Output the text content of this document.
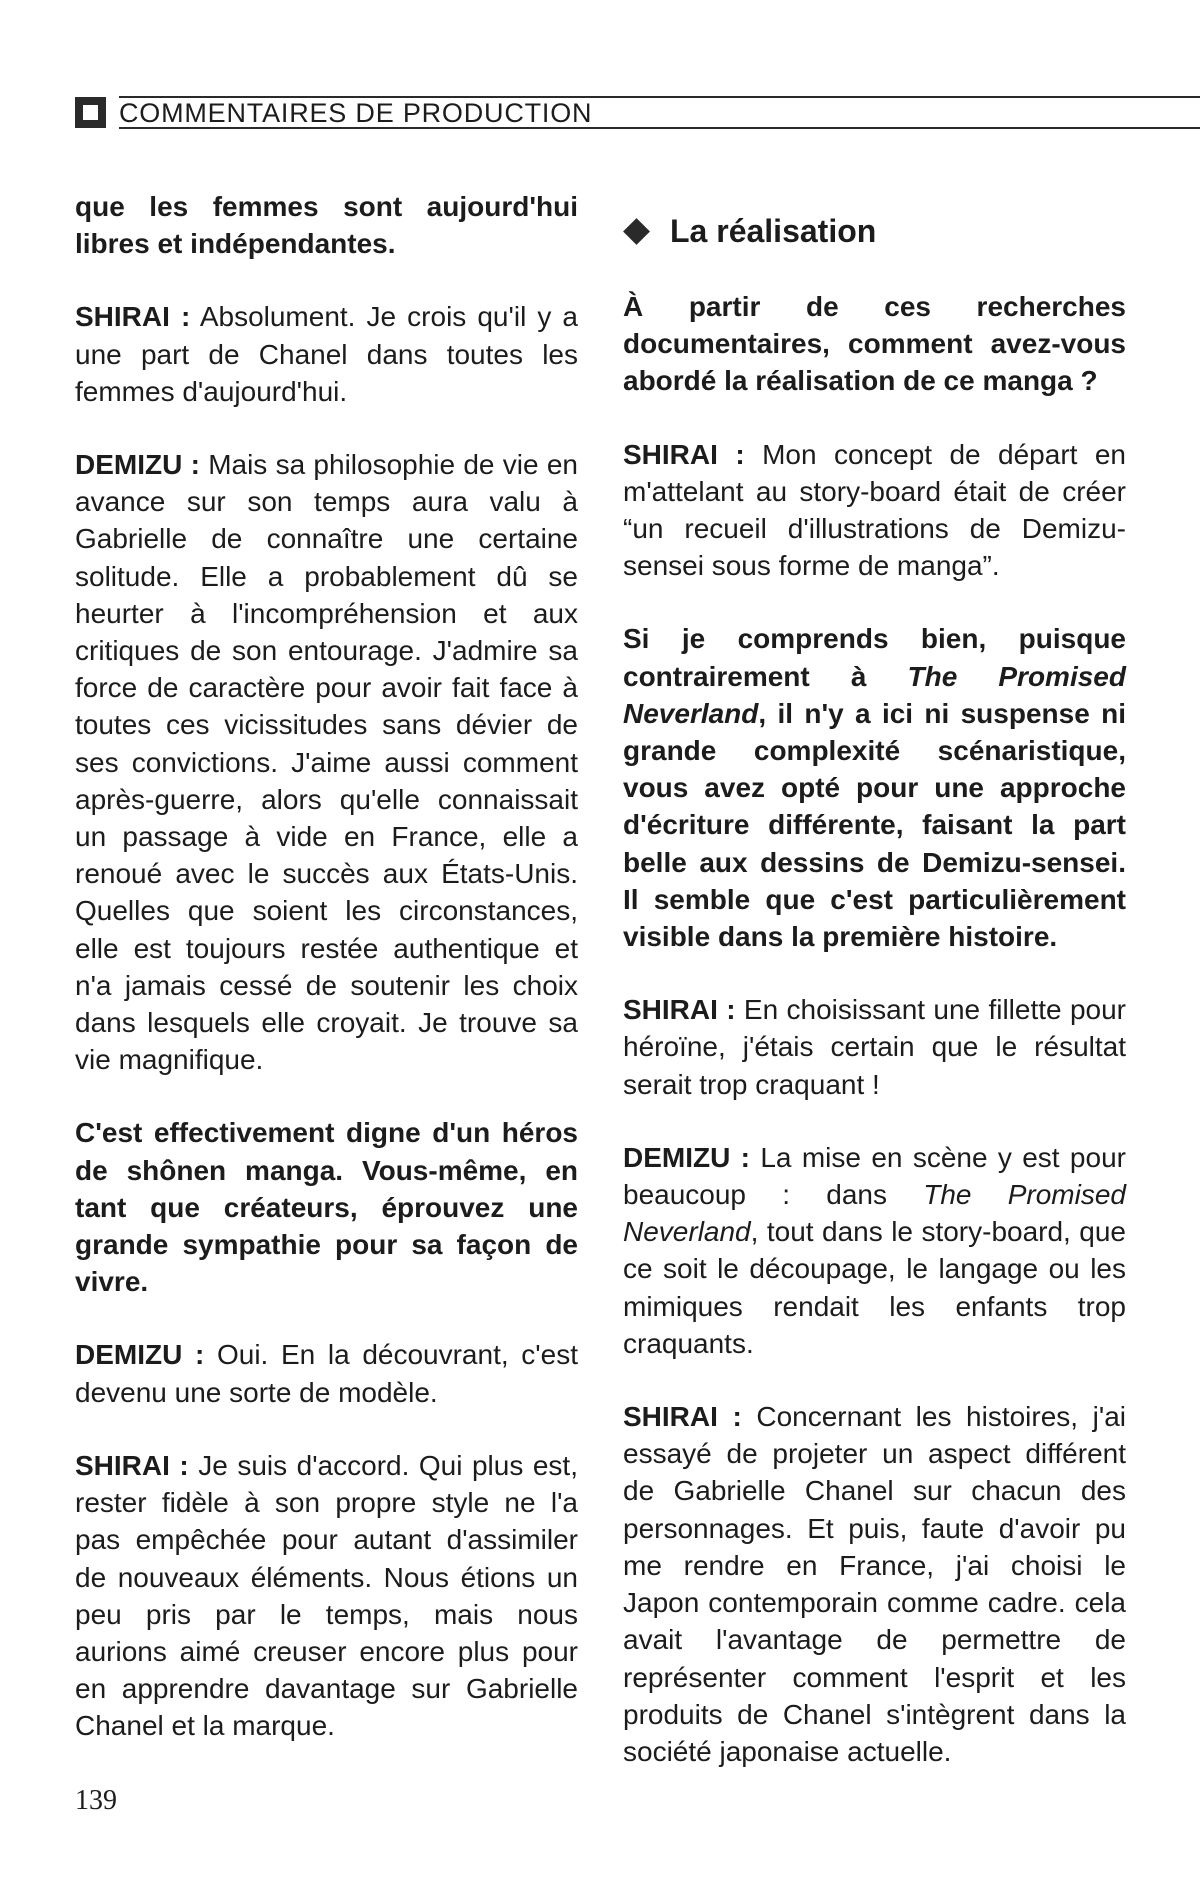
COMMENTAIRES DE PRODUCTION

que les femmes sont aujourd'hui libres et indépendantes.

SHIRAI : Absolument. Je crois qu'il y a une part de Chanel dans toutes les femmes d'aujourd'hui.

DEMIZU : Mais sa philosophie de vie en avance sur son temps aura valu à Gabrielle de connaître une certaine solitude. Elle a probablement dû se heurter à l'incompréhension et aux critiques de son entourage. J'admire sa force de caractère pour avoir fait face à toutes ces vicissitudes sans dévier de ses convictions. J'aime aussi comment après-guerre, alors qu'elle connaissait un passage à vide en France, elle a renoué avec le succès aux États-Unis. Quelles que soient les circonstances, elle est toujours restée authentique et n'a jamais cessé de soutenir les choix dans lesquels elle croyait. Je trouve sa vie magnifique.

C'est effectivement digne d'un héros de shônen manga. Vous-même, en tant que créateurs, éprouvez une grande sympathie pour sa façon de vivre.

DEMIZU : Oui. En la découvrant, c'est devenu une sorte de modèle.

SHIRAI : Je suis d'accord. Qui plus est, rester fidèle à son propre style ne l'a pas empêchée pour autant d'assimiler de nouveaux éléments. Nous étions un peu pris par le temps, mais nous aurions aimé creuser encore plus pour en apprendre davantage sur Gabrielle Chanel et la marque.

La réalisation

À partir de ces recherches documentaires, comment avez-vous abordé la réalisation de ce manga ?

SHIRAI : Mon concept de départ en m'attelant au story-board était de créer “un recueil d'illustrations de Demizu-sensei sous forme de manga”.

Si je comprends bien, puisque contrairement à The Promised Neverland, il n'y a ici ni suspense ni grande complexité scénaristique, vous avez opté pour une approche d'écriture différente, faisant la part belle aux dessins de Demizu-sensei. Il semble que c'est particulièrement visible dans la première histoire.

SHIRAI : En choisissant une fillette pour héroïne, j'étais certain que le résultat serait trop craquant !

DEMIZU : La mise en scène y est pour beaucoup : dans The Promised Neverland, tout dans le story-board, que ce soit le découpage, le langage ou les mimiques rendait les enfants trop craquants.

SHIRAI : Concernant les histoires, j'ai essayé de projeter un aspect différent de Gabrielle Chanel sur chacun des personnages. Et puis, faute d'avoir pu me rendre en France, j'ai choisi le Japon contemporain comme cadre. cela avait l'avantage de permettre de représenter comment l'esprit et les produits de Chanel s'intègrent dans la société japonaise actuelle.

139
